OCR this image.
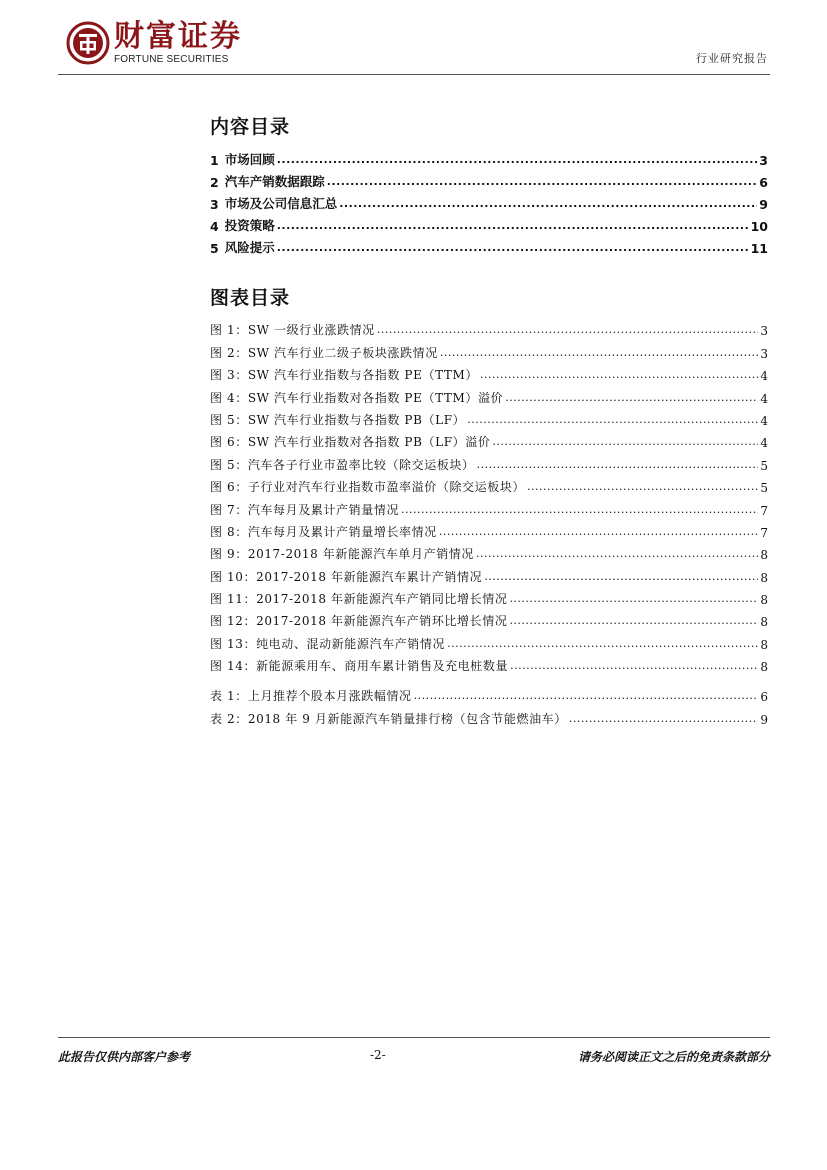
财富证券
FORTUNE SECURITIES	行业研究报告
内容目录
1 市场回顾 .....	3
2 汽车产销数据跟踪 .....	6
3 市场及公司信息汇总 .....	9
4 投资策略 .....	10
5 风险提示 .....	11
图表目录
图 1：SW 一级行业涨跌情况 .....	3
图 2：SW 汽车行业二级子板块涨跌情况 .....	3
图 3：SW 汽车行业指数与各指数 PE（TTM） .....	4
图 4：SW 汽车行业指数对各指数 PE（TTM）溢价 .....	4
图 5：SW 汽车行业指数与各指数 PB（LF） .....	4
图 6：SW 汽车行业指数对各指数 PB（LF）溢价 .....	4
图 5：汽车各子行业市盈率比较（除交运板块） .....	5
图 6：子行业对汽车行业指数市盈率溢价（除交运板块） .....	5
图 7：汽车每月及累计产销量情况 .....	7
图 8：汽车每月及累计产销量增长率情况 .....	7
图 9：2017-2018 年新能源汽车单月产销情况 .....	8
图 10：2017-2018 年新能源汽车累计产销情况 .....	8
图 11：2017-2018 年新能源汽车产销同比增长情况 .....	8
图 12：2017-2018 年新能源汽车产销环比增长情况 .....	8
图 13：纯电动、混动新能源汽车产销情况 .....	8
图 14：新能源乘用车、商用车累计销售及充电桩数量 .....	8
表 1：上月推荐个股本月涨跌幅情况 .....	6
表 2：2018 年 9 月新能源汽车销量排行榜（包含节能燃油车） .....	9
此报告仅供内部客户参考	-2-	请务必阅读正文之后的免责条款部分
